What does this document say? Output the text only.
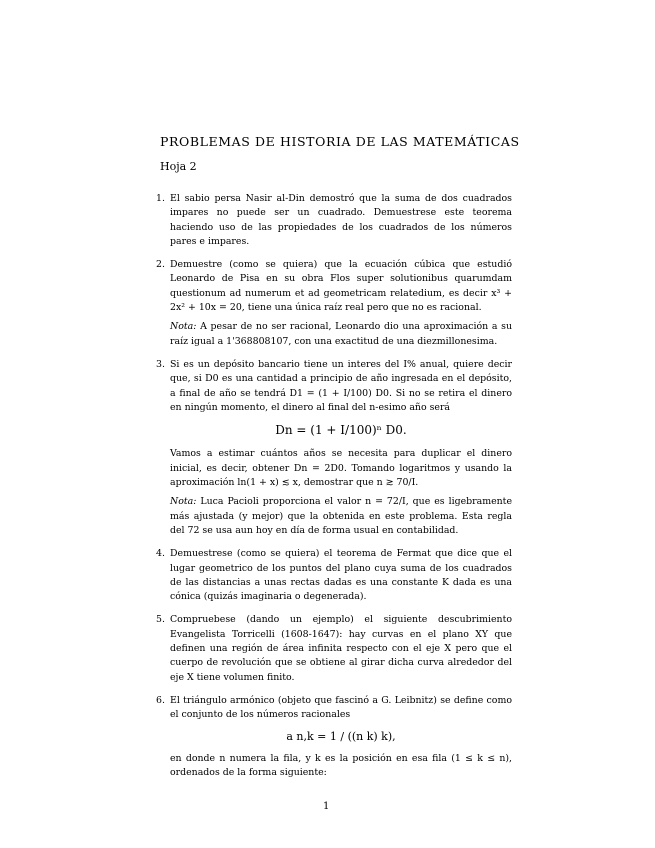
PROBLEMAS DE HISTORIA DE LAS MATEMÁTICAS
Hoja 2
1. El sabio persa Nasir al-Din demostró que la suma de dos cuadrados impares no puede ser un cuadrado. Demuestrese este teorema haciendo uso de las propiedades de los cuadrados de los números pares e impares.
2. Demuestre (como se quiera) que la ecuación cúbica que estudió Leonardo de Pisa en su obra Flos super solutionibus quarumdam questionum ad numerum et ad geometricam relatedium, es decir x³ + 2x² + 10x = 20, tiene una única raíz real pero que no es racional.
Nota: A pesar de no ser racional, Leonardo dio una aproximación a su raíz igual a 1'368808107, con una exactitud de una diezmillonesima.
3. Si es un depósito bancario tiene un interes del I% anual, quiere decir que, si D0 es una cantidad a principio de año ingresada en el depósito, a final de año se tendrá D1 = (1 + I/100) D0. Si no se retira el dinero en ningún momento, el dinero al final del n-esimo año será
Dn = (1 + I/100)ⁿ D0.
Vamos a estimar cuántos años se necesita para duplicar el dinero inicial, es decir, obtener Dn = 2D0. Tomando logaritmos y usando la aproximación ln(1 + x) ≲ x, demostrar que n ≳ 70/I.
Nota: Luca Pacioli proporciona el valor n = 72/I, que es ligebramente más ajustada (y mejor) que la obtenida en este problema. Esta regla del 72 se usa aun hoy en día de forma usual en contabilidad.
4. Demuestrese (como se quiera) el teorema de Fermat que dice que el lugar geometrico de los puntos del plano cuya suma de los cuadrados de las distancias a unas rectas dadas es una constante K dada es una cónica (quizás imaginaria o degenerada).
5. Compruebese (dando un ejemplo) el siguiente descubrimiento Evangelista Torricelli (1608-1647): hay curvas en el plano XY que definen una región de área infinita respecto con el eje X pero que el cuerpo de revolución que se obtiene al girar dicha curva alrededor del eje X tiene volumen finito.
6. El triángulo armónico (objeto que fascinó a G. Leibnitz) se define como el conjunto de los números racionales
a n,k = 1 / ((n k) k),
en donde n numera la fila, y k es la posición en esa fila (1 ≤ k ≤ n), ordenados de la forma siguiente:
1
